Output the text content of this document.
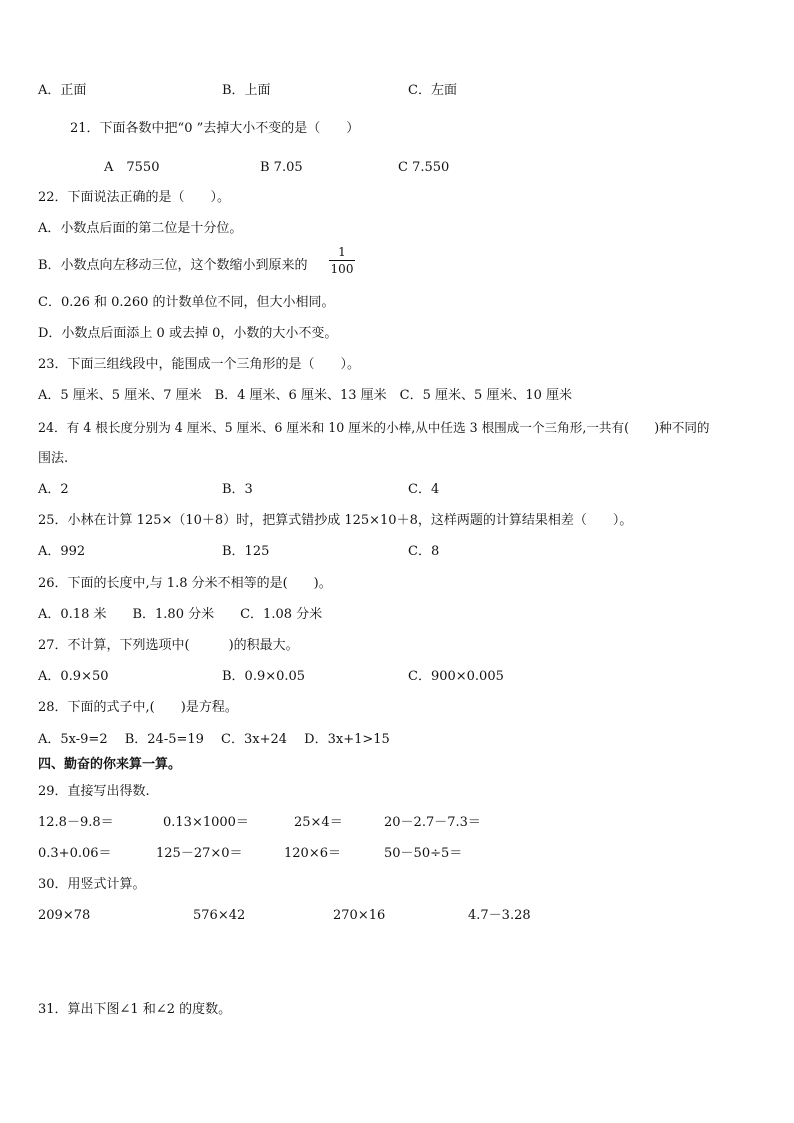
A．正面	B．上面	C．左面
21．下面各数中把“0 ”去掉大小不变的是（　　）
A　7550	B 7.05	C 7.550
22．下面说法正确的是（　　）。
A．小数点后面的第二位是十分位。
B．小数点向左移动三位，这个数缩小到原来的
1
100
C．0.26 和 0.260 的计数单位不同，但大小相同。
D．小数点后面添上 0 或去掉 0，小数的大小不变。
23．下面三组线段中，能围成一个三角形的是（　　）。
A．5 厘米、5 厘米、7 厘米　B．4 厘米、6 厘米、13 厘米　C．5 厘米、5 厘米、10 厘米
24．有 4 根长度分别为 4 厘米、5 厘米、6 厘米和 10 厘米的小棒,从中任选 3 根围成一个三角形,一共有(　　)种不同的
围法.
A．2	B．3	C．4
25．小林在计算 125×（10＋8）时，把算式错抄成 125×10＋8，这样两题的计算结果相差（　　）。
A．992	B．125	C．8
26．下面的长度中,与 1.8 分米不相等的是(　　)。
A．0.18 米　　B．1.80 分米　　C．1.08 分米
27．不计算，下列选项中(　　　)的积最大。
A．0.9×50	B．0.9×0.05	C．900×0.005
28．下面的式子中,(　　)是方程。
A．5x-9=2　 B．24-5=19　 C．3x+24　 D．3x+1>15
四、勤奋的你来算一算。
29．直接写出得数.
12.8－9.8＝	0.13×1000＝	25×4＝	20－2.7－7.3＝
0.3+0.06＝	125－27×0＝	120×6＝	50－50÷5＝
30．用竖式计算。
209×78	576×42	270×16	4.7－3.28
31．算出下图∠1 和∠2 的度数。
